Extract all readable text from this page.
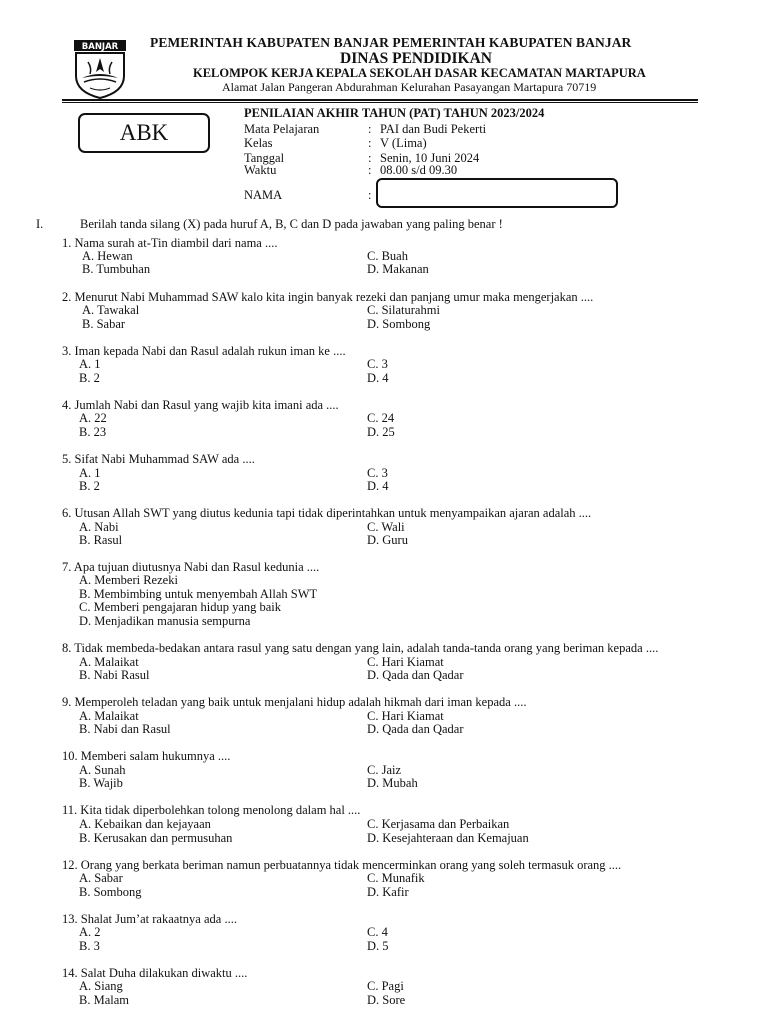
BANJAR PEMERINTAH KABUPATEN BANJAR PEMERINTAH KABUPATEN BANJAR
DINAS PENDIDIKAN
KELOMPOK KERJA KEPALA SEKOLAH DASAR KECAMATAN MARTAPURA
Alamat Jalan Pangeran Abdurahman Kelurahan Pasayangan Martapura 70719
ABK
PENILAIAN AKHIR TAHUN (PAT) TAHUN 2023/2024
Mata Pelajaran	: PAI dan Budi Pekerti
Kelas	: V (Lima)
Tanggal	: Senin, 10 Juni 2024
Waktu	: 08.00 s/d 09.30
NAMA	:
I.	Berilah tanda silang (X) pada huruf A, B, C dan D pada jawaban yang paling benar !
1. Nama surah at-Tin diambil dari nama ....
A. Hewan
B. Tumbuhan
C. Buah
D. Makanan
2. Menurut Nabi Muhammad SAW kalo kita ingin banyak rezeki dan panjang umur maka mengerjakan ....
A. Tawakal
B. Sabar
C. Silaturahmi
D. Sombong
3. Iman kepada Nabi dan Rasul adalah rukun iman ke ....
A. 1
B. 2
C. 3
D. 4
4. Jumlah Nabi dan Rasul yang wajib kita imani ada ....
A. 22
B. 23
C. 24
D. 25
5. Sifat Nabi Muhammad SAW ada ....
A. 1
B. 2
C. 3
D. 4
6. Utusan Allah SWT yang diutus kedunia tapi tidak diperintahkan untuk menyampaikan ajaran adalah ....
A. Nabi
B. Rasul
C. Wali
D. Guru
7. Apa tujuan diutusnya Nabi dan Rasul kedunia ....
A. Memberi Rezeki
B. Membimbing untuk menyembah Allah SWT
C. Memberi pengajaran hidup yang baik
D. Menjadikan manusia sempurna
8. Tidak membeda-bedakan antara rasul yang satu dengan yang lain, adalah tanda-tanda orang yang beriman kepada ....
A. Malaikat
B. Nabi Rasul
C. Hari Kiamat
D. Qada dan Qadar
9. Memperoleh teladan yang baik untuk menjalani hidup adalah hikmah dari iman kepada ....
A. Malaikat
B. Nabi dan Rasul
C. Hari Kiamat
D. Qada dan Qadar
10. Memberi salam hukumnya ....
A. Sunah
B. Wajib
C. Jaiz
D. Mubah
11. Kita tidak diperbolehkan tolong menolong dalam hal ....
A. Kebaikan dan kejayaan
B. Kerusakan dan permusuhan
C. Kerjasama dan Perbaikan
D. Kesejahteraan dan Kemajuan
12. Orang yang berkata beriman namun perbuatannya tidak mencerminkan orang yang soleh termasuk orang ....
A. Sabar
B. Sombong
C. Munafik
D. Kafir
13. Shalat Jum’at rakaatnya ada ....
A. 2
B. 3
C. 4
D. 5
14. Salat Duha dilakukan diwaktu ....
A. Siang
B. Malam
C. Pagi
D. Sore
